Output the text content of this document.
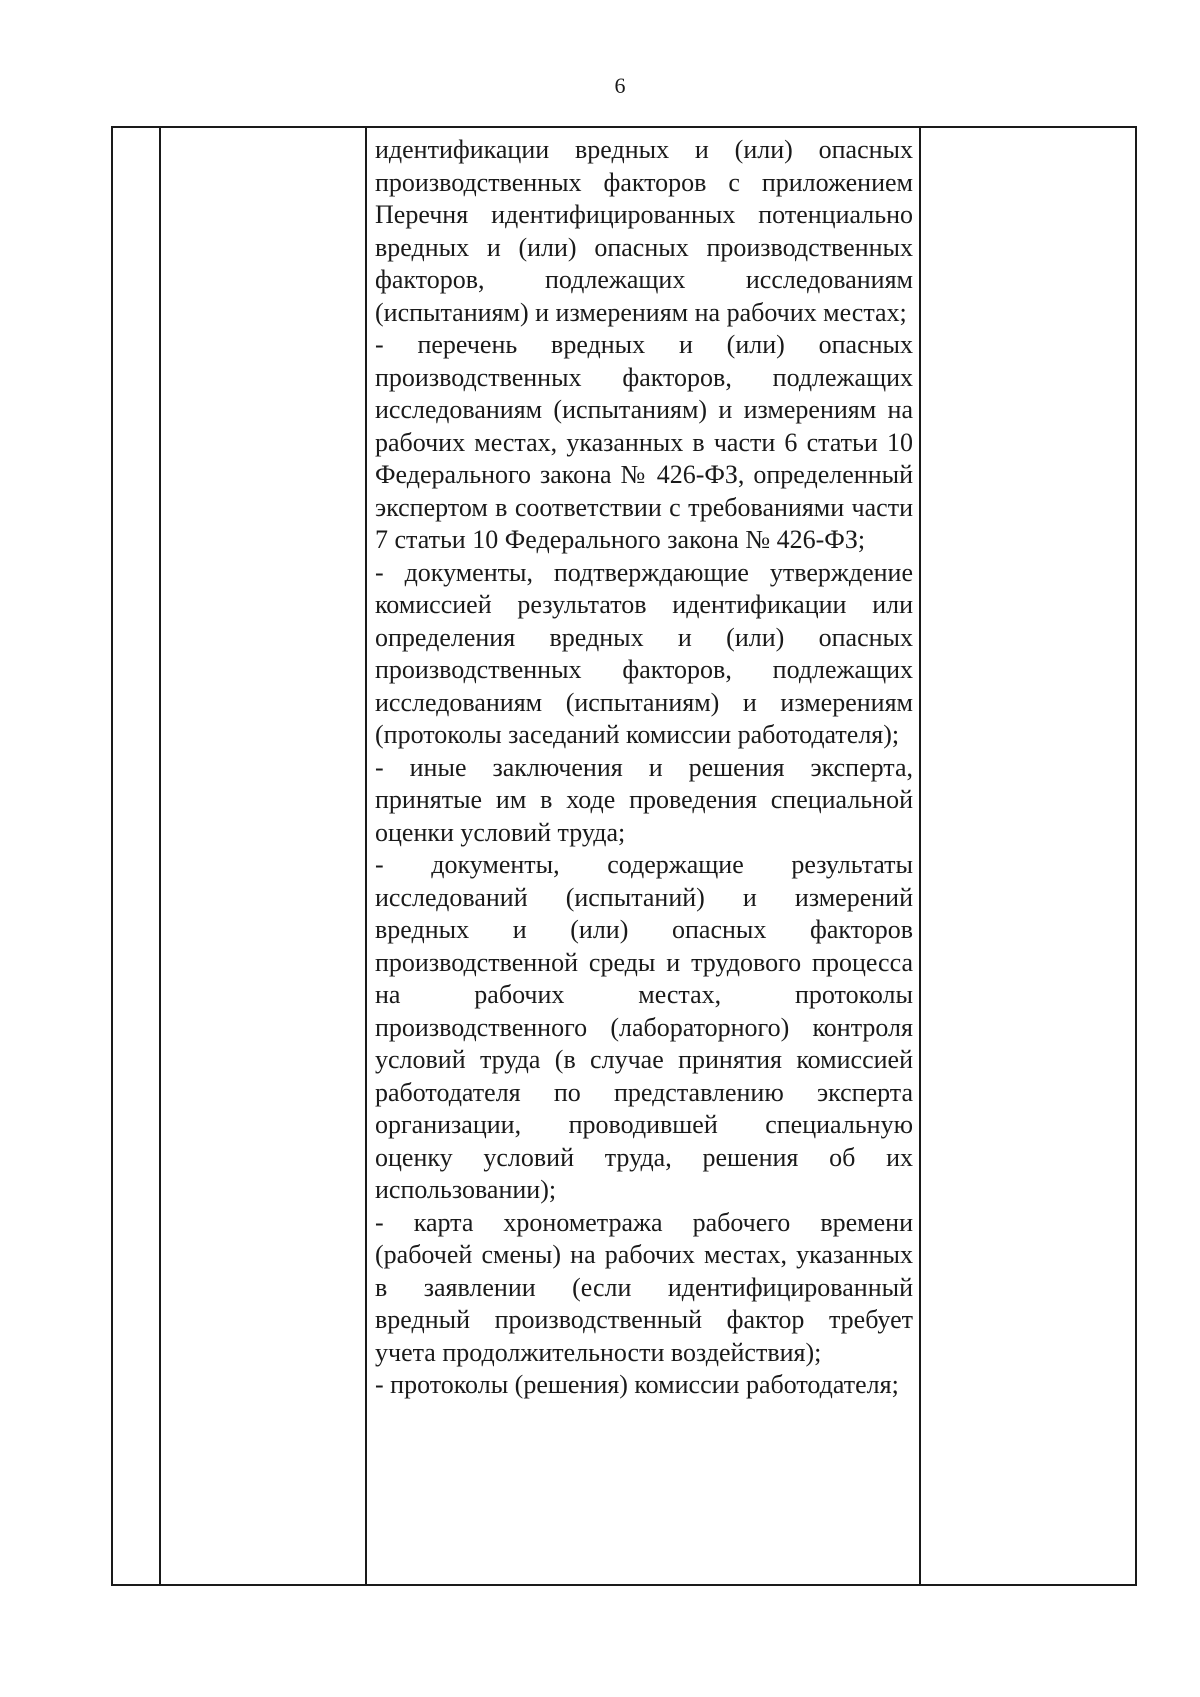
6

идентификации вредных и (или) опасных производственных факторов с приложением Перечня идентифицированных потенциально вредных и (или) опасных производственных факторов, подлежащих исследованиям (испытаниям) и измерениям на рабочих местах;

- перечень вредных и (или) опасных производственных факторов, подлежащих исследованиям (испытаниям) и измерениям на рабочих местах, указанных в части 6 статьи 10 Федерального закона № 426-ФЗ, определенный экспертом в соответствии с требованиями части 7 статьи 10 Федерального закона № 426-ФЗ;

- документы, подтверждающие утверждение комиссией результатов идентификации или определения вредных и (или) опасных производственных факторов, подлежащих исследованиям (испытаниям) и измерениям (протоколы заседаний комиссии работодателя);

- иные заключения и решения эксперта, принятые им в ходе проведения специальной оценки условий труда;

- документы, содержащие результаты исследований (испытаний) и измерений вредных и (или) опасных факторов производственной среды и трудового процесса на рабочих местах, протоколы производственного (лабораторного) контроля условий труда (в случае принятия комиссией работодателя по представлению эксперта организации, проводившей специальную оценку условий труда, решения об их использовании);

- карта хронометража рабочего времени (рабочей смены) на рабочих местах, указанных в заявлении (если идентифицированный вредный производственный фактор требует учета продолжительности воздействия);

- протоколы (решения) комиссии работодателя;
